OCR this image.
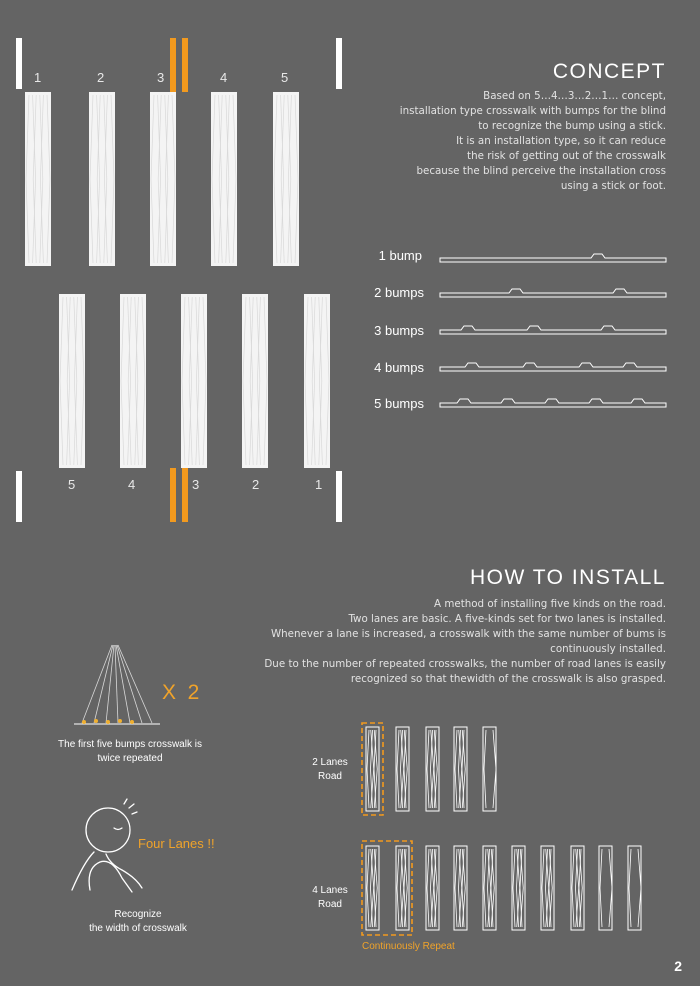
1	2	3	4	5
5	4	3	2	1
CONCEPT
Based on 5…4…3…2…1… concept,
installation type crosswalk with bumps for the blind
to recognize the bump using a stick.
It is an installation type, so it can reduce
the risk of getting out of the crosswalk
because the blind perceive the installation cross
using a stick or foot.
1 bump
2 bumps
3 bumps
4 bumps
5 bumps
HOW TO INSTALL
A method of installing five kinds on the road.
Two lanes are basic. A five-kinds set for two lanes is installed.
Whenever a lane is increased, a crosswalk with the same number of bums is
continuously installed.
Due to the number of repeated crosswalks, the number of road lanes is easily
recognized so that thewidth of the crosswalk is also grasped.
X  2
The first five bumps crosswalk is
twice repeated
Four Lanes !!
Recognize
the width of crosswalk
2 Lanes
Road
4 Lanes
Road
Continuously Repeat
2
